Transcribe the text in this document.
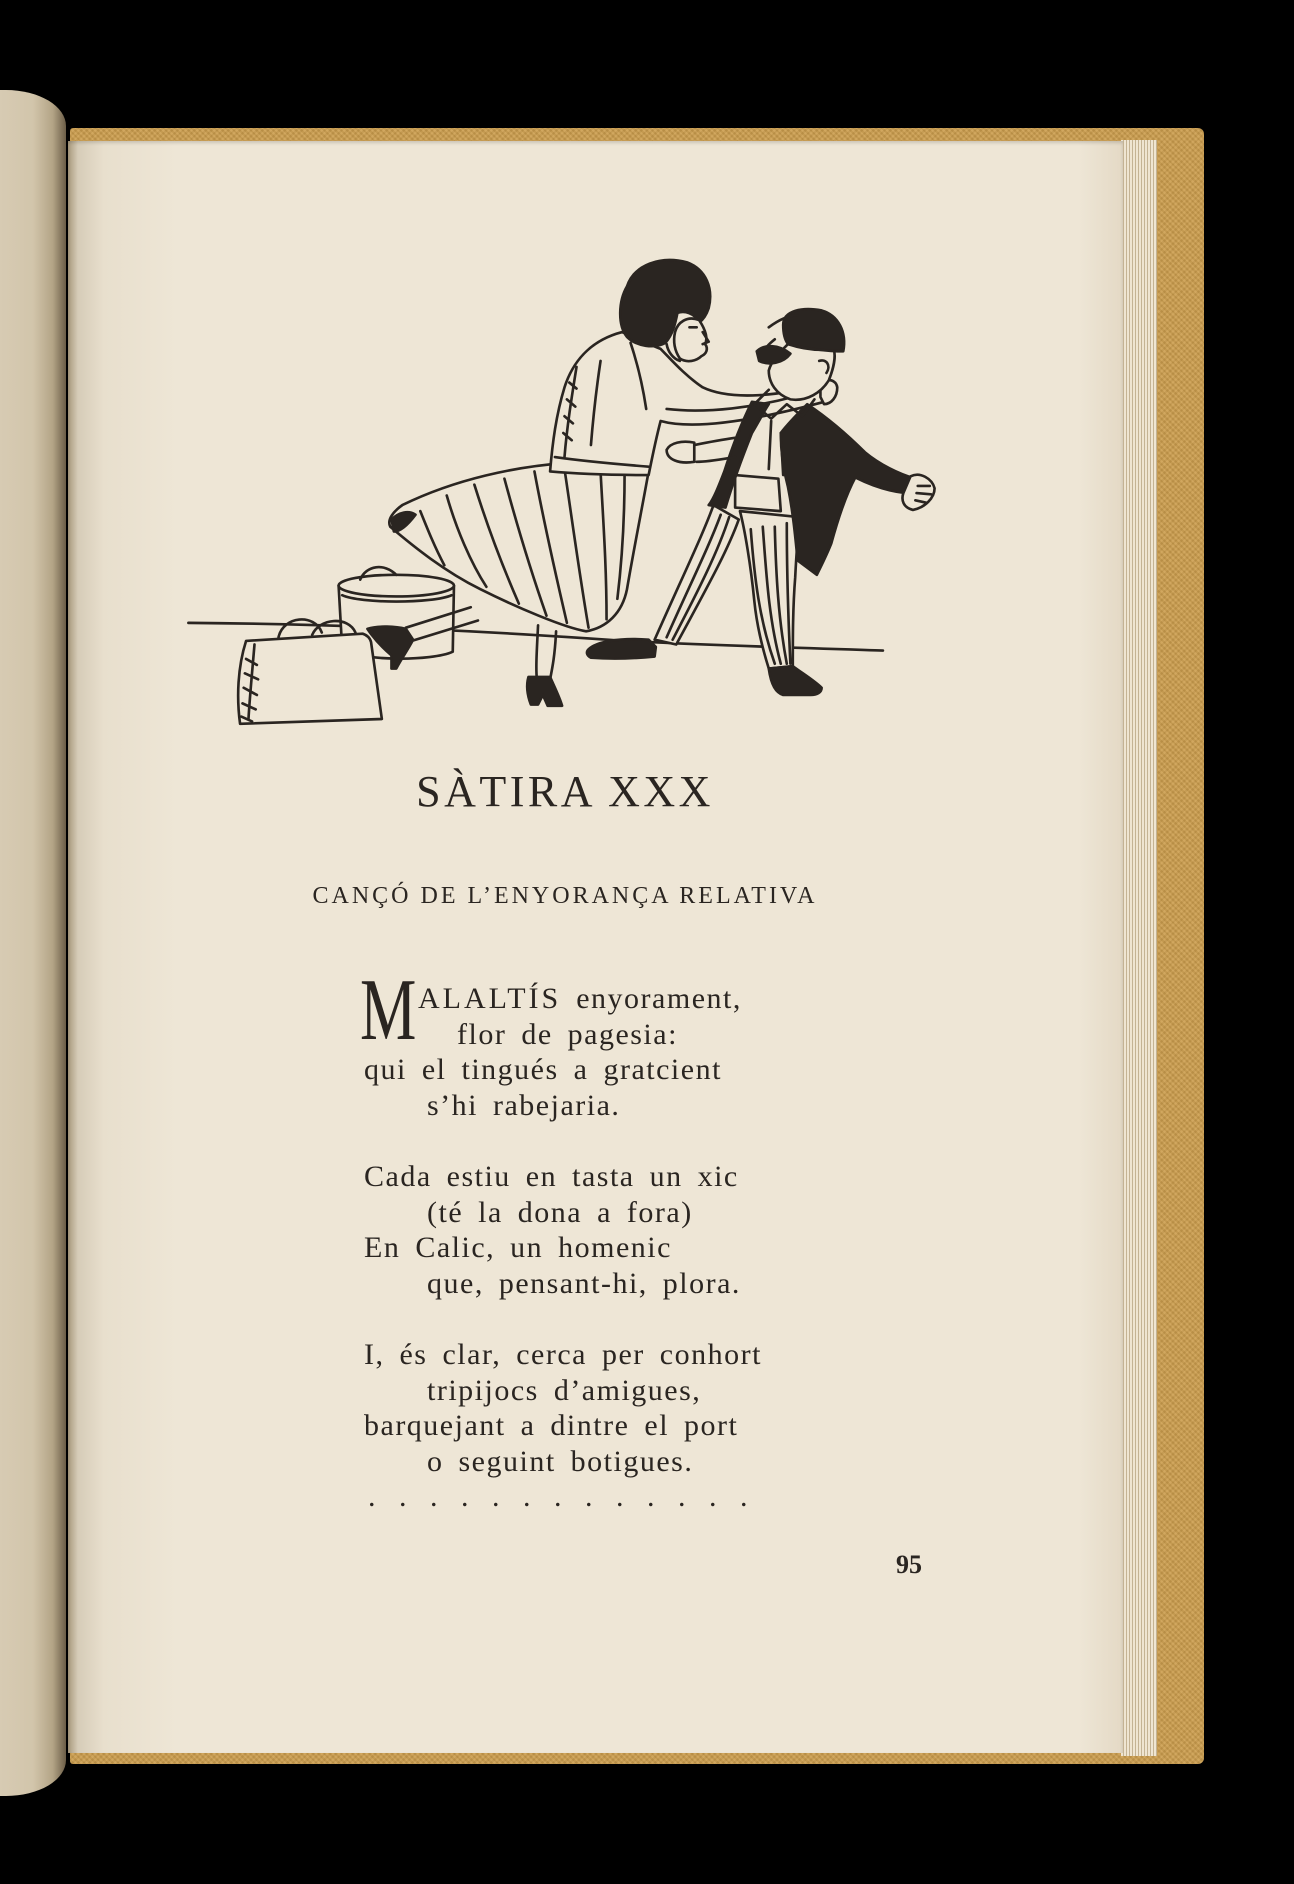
SÀTIRA XXX
CANÇÓ DE L’ENYORANÇA RELATIVA
M ALALTÍS enyorament,
flor de pagesia:
qui el tingués a gratcient
s’hi rabejaria.
Cada estiu en tasta un xic
(té la dona a fora)
En Calic, un homenic
que, pensant-hi, plora.
I, és clar, cerca per conhort
tripijocs d’amigues,
barquejant a dintre el port
o seguint botigues.
. . . . . . . . . . . . .
95
